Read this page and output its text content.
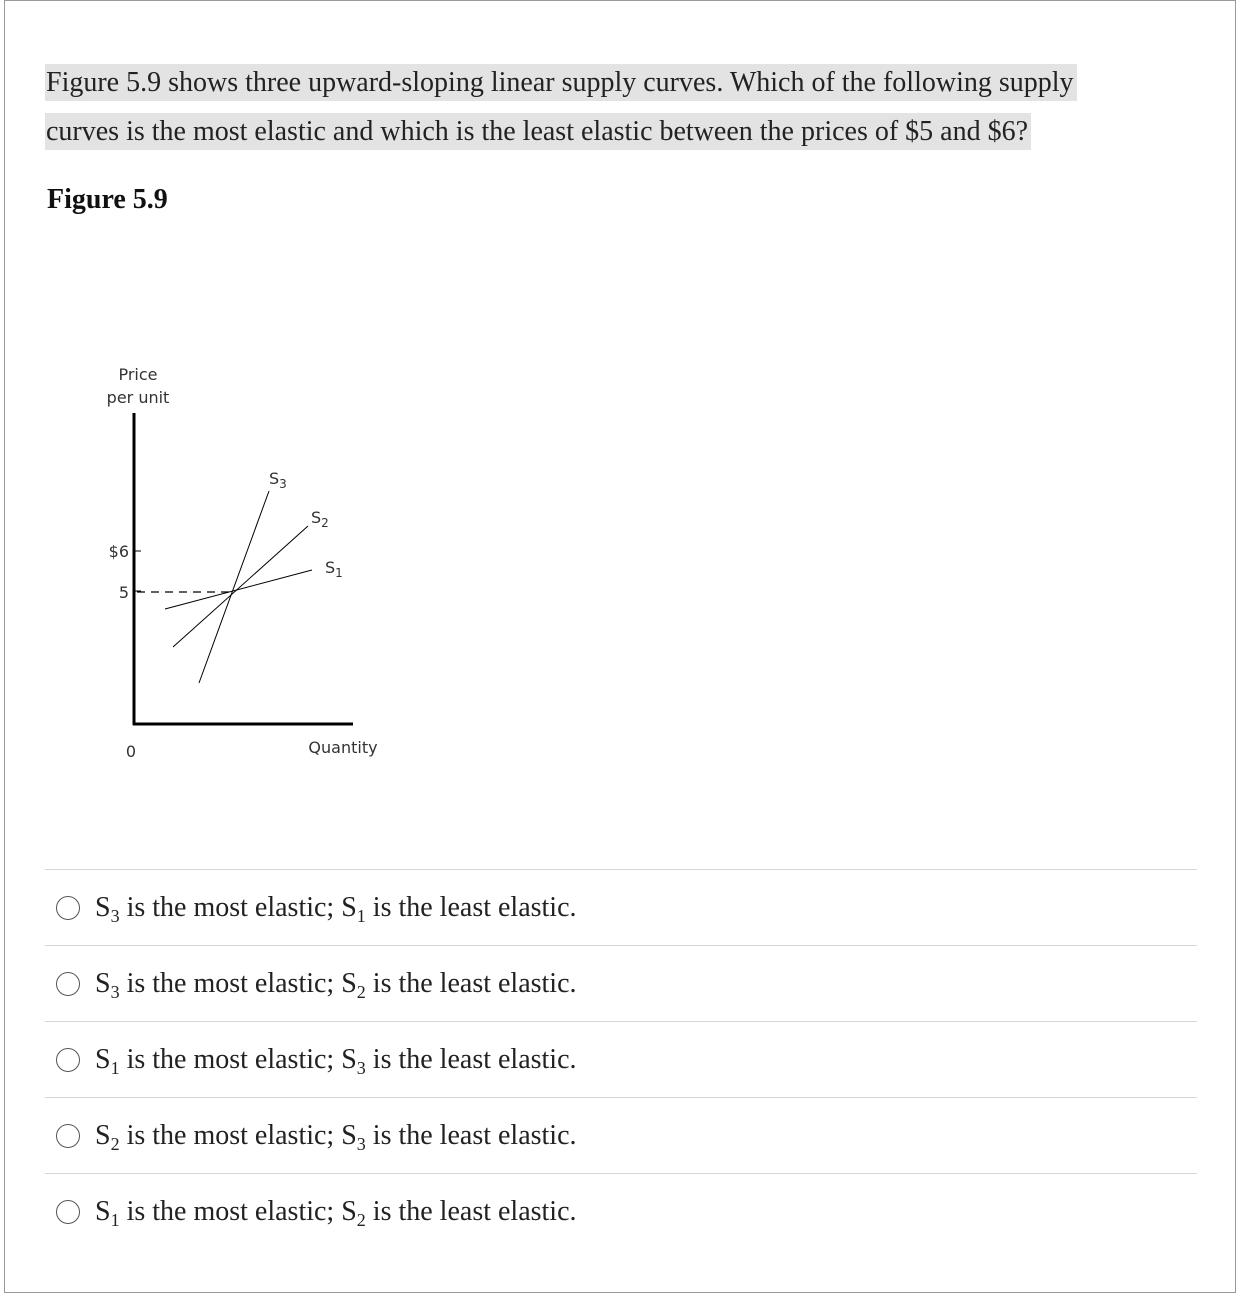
Figure 5.9 shows three upward-sloping linear supply curves. Which of the following supply
curves is the most elastic and which is the least elastic between the prices of $5 and $6?
Figure 5.9
Price
per unit
$6
5
$S_3$
$S_2$
$S_1$
0	Quantity
$S_3$ is the most elastic; $S_1$ is the least elastic.
$S_3$ is the most elastic; $S_2$ is the least elastic.
$S_1$ is the most elastic; $S_3$ is the least elastic.
$S_2$ is the most elastic; $S_3$ is the least elastic.
$S_1$ is the most elastic; $S_2$ is the least elastic.
